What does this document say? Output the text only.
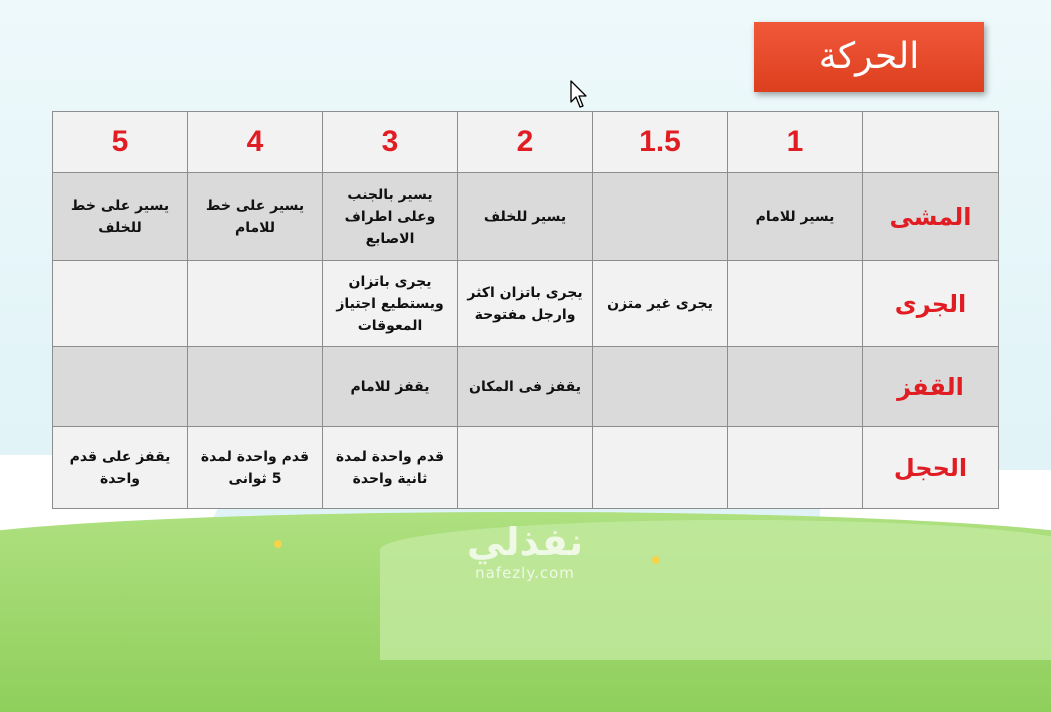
الحركة
	1	1.5	2	3	4	5
المشى	يسير للامام		يسير للخلف	يسير بالجنب وعلى اطراف الاصابع	يسير على خط للامام	يسير على خط للخلف
الجرى		يجرى غير متزن	يجرى باتزان اكثر وارجل مفتوحة	يجرى باتزان ويستطيع اجتياز المعوقات		
القفز			يقفز فى المكان	يقفز للامام		
الحجل				قدم واحدة لمدة ثانية واحدة	قدم واحدة لمدة 5 ثوانى	يقفز على قدم واحدة
نفذلي
nafezly.com
